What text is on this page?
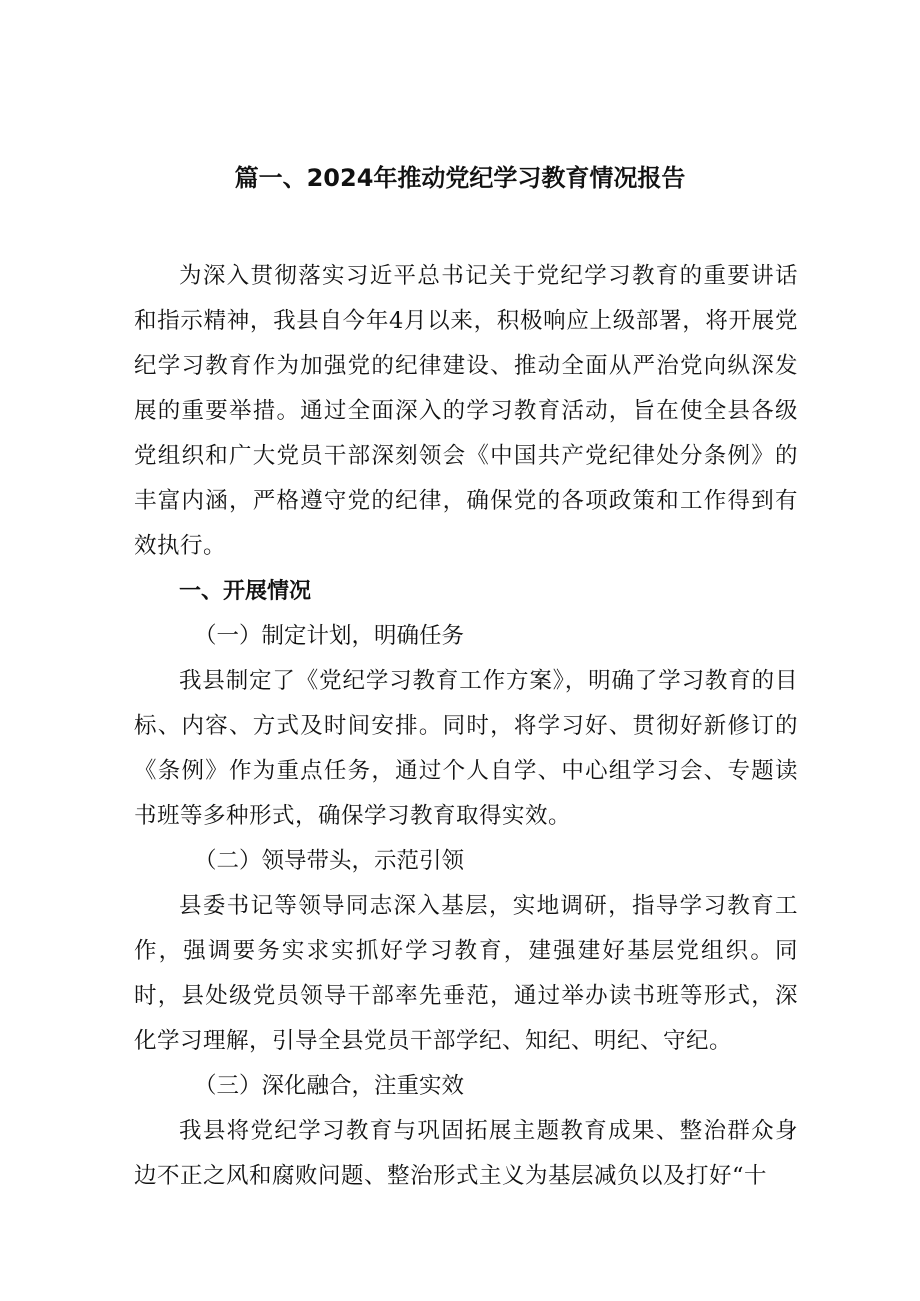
篇一、2024年推动党纪学习教育情况报告

为深入贯彻落实习近平总书记关于党纪学习教育的重要讲话和指示精神，我县自今年4月以来，积极响应上级部署，将开展党纪学习教育作为加强党的纪律建设、推动全面从严治党向纵深发展的重要举措。通过全面深入的学习教育活动，旨在使全县各级党组织和广大党员干部深刻领会《中国共产党纪律处分条例》的丰富内涵，严格遵守党的纪律，确保党的各项政策和工作得到有效执行。

一、开展情况

（一）制定计划，明确任务

我县制定了《党纪学习教育工作方案》，明确了学习教育的目标、内容、方式及时间安排。同时，将学习好、贯彻好新修订的《条例》作为重点任务，通过个人自学、中心组学习会、专题读书班等多种形式，确保学习教育取得实效。

（二）领导带头，示范引领

县委书记等领导同志深入基层，实地调研，指导学习教育工作，强调要务实求实抓好学习教育，建强建好基层党组织。同时，县处级党员领导干部率先垂范，通过举办读书班等形式，深化学习理解，引导全县党员干部学纪、知纪、明纪、守纪。

（三）深化融合，注重实效

我县将党纪学习教育与巩固拓展主题教育成果、整治群众身边不正之风和腐败问题、整治形式主义为基层减负以及打好“十
